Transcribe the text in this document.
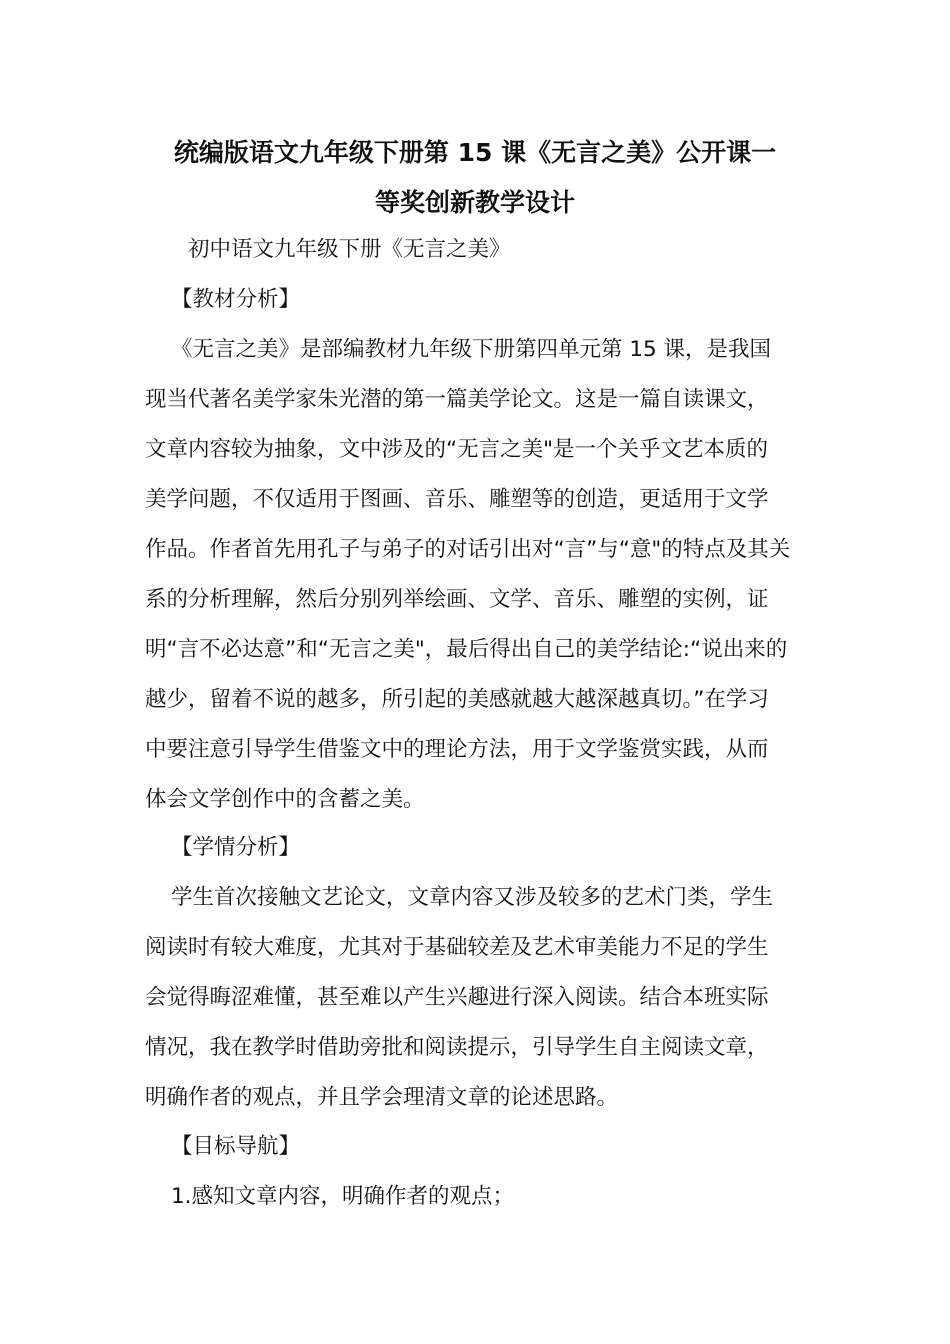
统编版语文九年级下册第 15 课《无言之美》公开课一
等奖创新教学设计

初中语文九年级下册《无言之美》

【教材分析】

《无言之美》是部编教材九年级下册第四单元第 15 课，是我国

现当代著名美学家朱光潜的第一篇美学论文。这是一篇自读课文，

文章内容较为抽象，文中涉及的“无言之美"是一个关乎文艺本质的

美学问题，不仅适用于图画、音乐、雕塑等的创造，更适用于文学

作品。作者首先用孔子与弟子的对话引出对“言”与“意"的特点及其关

系的分析理解，然后分别列举绘画、文学、音乐、雕塑的实例，证

明“言不必达意”和“无言之美"，最后得出自己的美学结论:“说出来的

越少，留着不说的越多，所引起的美感就越大越深越真切。”在学习

中要注意引导学生借鉴文中的理论方法，用于文学鉴赏实践，从而

体会文学创作中的含蓄之美。

【学情分析】

学生首次接触文艺论文，文章内容又涉及较多的艺术门类，学生

阅读时有较大难度，尤其对于基础较差及艺术审美能力不足的学生

会觉得晦涩难懂，甚至难以产生兴趣进行深入阅读。结合本班实际

情况，我在教学时借助旁批和阅读提示，引导学生自主阅读文章，

明确作者的观点，并且学会理清文章的论述思路。

【目标导航】

1.感知文章内容，明确作者的观点；
